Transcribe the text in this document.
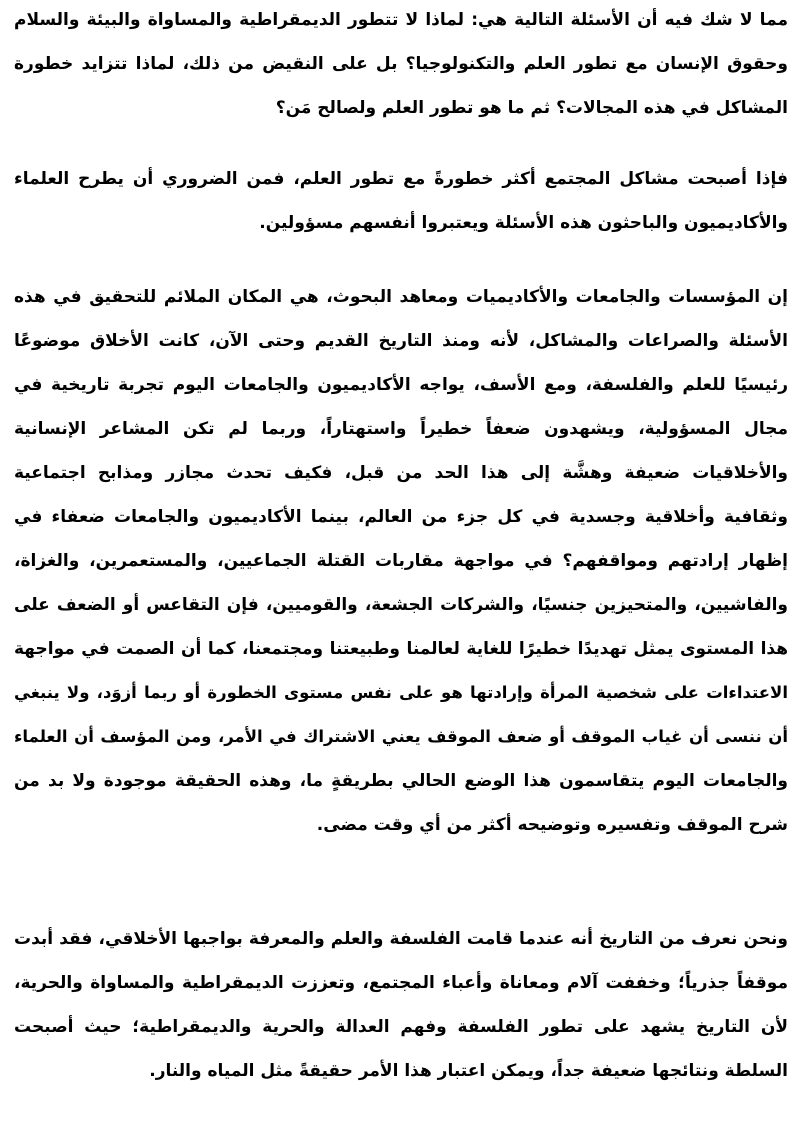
مما لا شك فيه أن الأسئلة التالية هي: لماذا لا تتطور الديمقراطية والمساواة والبيئة والسلام
وحقوق الإنسان مع تطور العلم والتكنولوجيا؟ بل على النقيض من ذلك، لماذا تتزايد خطورة
المشاكل في هذه المجالات؟ ثم ما هو تطور العلم ولصالح مَن؟
فإذا أصبحت مشاكل المجتمع أكثر خطورةً مع تطور العلم، فمن الضروري أن يطرح العلماء
والأكاديميون والباحثون هذه الأسئلة ويعتبروا أنفسهم مسؤولين.
إن المؤسسات والجامعات والأكاديميات ومعاهد البحوث، هي المكان الملائم للتحقيق في هذه
الأسئلة والصراعات والمشاكل، لأنه ومنذ التاريخ القديم وحتى الآن، كانت الأخلاق موضوعًا
رئيسيًا للعلم والفلسفة، ومع الأسف، يواجه الأكاديميون والجامعات اليوم تجربة تاريخية في
مجال المسؤولية، ويشهدون ضعفاً خطيراً واستهتاراً، وربما لم تكن المشاعر الإنسانية
والأخلاقيات ضعيفة وهشَّة إلى هذا الحد من قبل، فكيف تحدث مجازر ومذابح اجتماعية
وثقافية وأخلاقية وجسدية في كل جزء من العالم، بينما الأكاديميون والجامعات ضعفاء في
إظهار إرادتهم ومواقفهم؟ في مواجهة مقاربات القتلة الجماعيين، والمستعمرين، والغزاة،
والفاشيين، والمتحيزين جنسيًا، والشركات الجشعة، والقوميين، فإن التقاعس أو الضعف على
هذا المستوى يمثل تهديدًا خطيرًا للغاية لعالمنا وطبيعتنا ومجتمعنا، كما أن الصمت في مواجهة
الاعتداءات على شخصية المرأة وإرادتها هو على نفس مستوى الخطورة أو ربما أزوَد، ولا ينبغي
أن ننسى أن غياب الموقف أو ضعف الموقف يعني الاشتراك في الأمر، ومن المؤسف أن العلماء
والجامعات اليوم يتقاسمون هذا الوضع الحالي بطريقةٍ ما، وهذه الحقيقة موجودة ولا بد من
شرح الموقف وتفسيره وتوضيحه أكثر من أي وقت مضى.
ونحن نعرف من التاريخ أنه عندما قامت الفلسفة والعلم والمعرفة بواجبها الأخلاقي، فقد أبدت
موقفاً جذرياً؛ وخففت آلام ومعاناة وأعباء المجتمع، وتعززت الديمقراطية والمساواة والحرية،
لأن التاريخ يشهد على تطور الفلسفة وفهم العدالة والحرية والديمقراطية؛ حيث أصبحت
السلطة ونتائجها ضعيفة جداً، ويمكن اعتبار هذا الأمر حقيقةً مثل المياه والنار.
